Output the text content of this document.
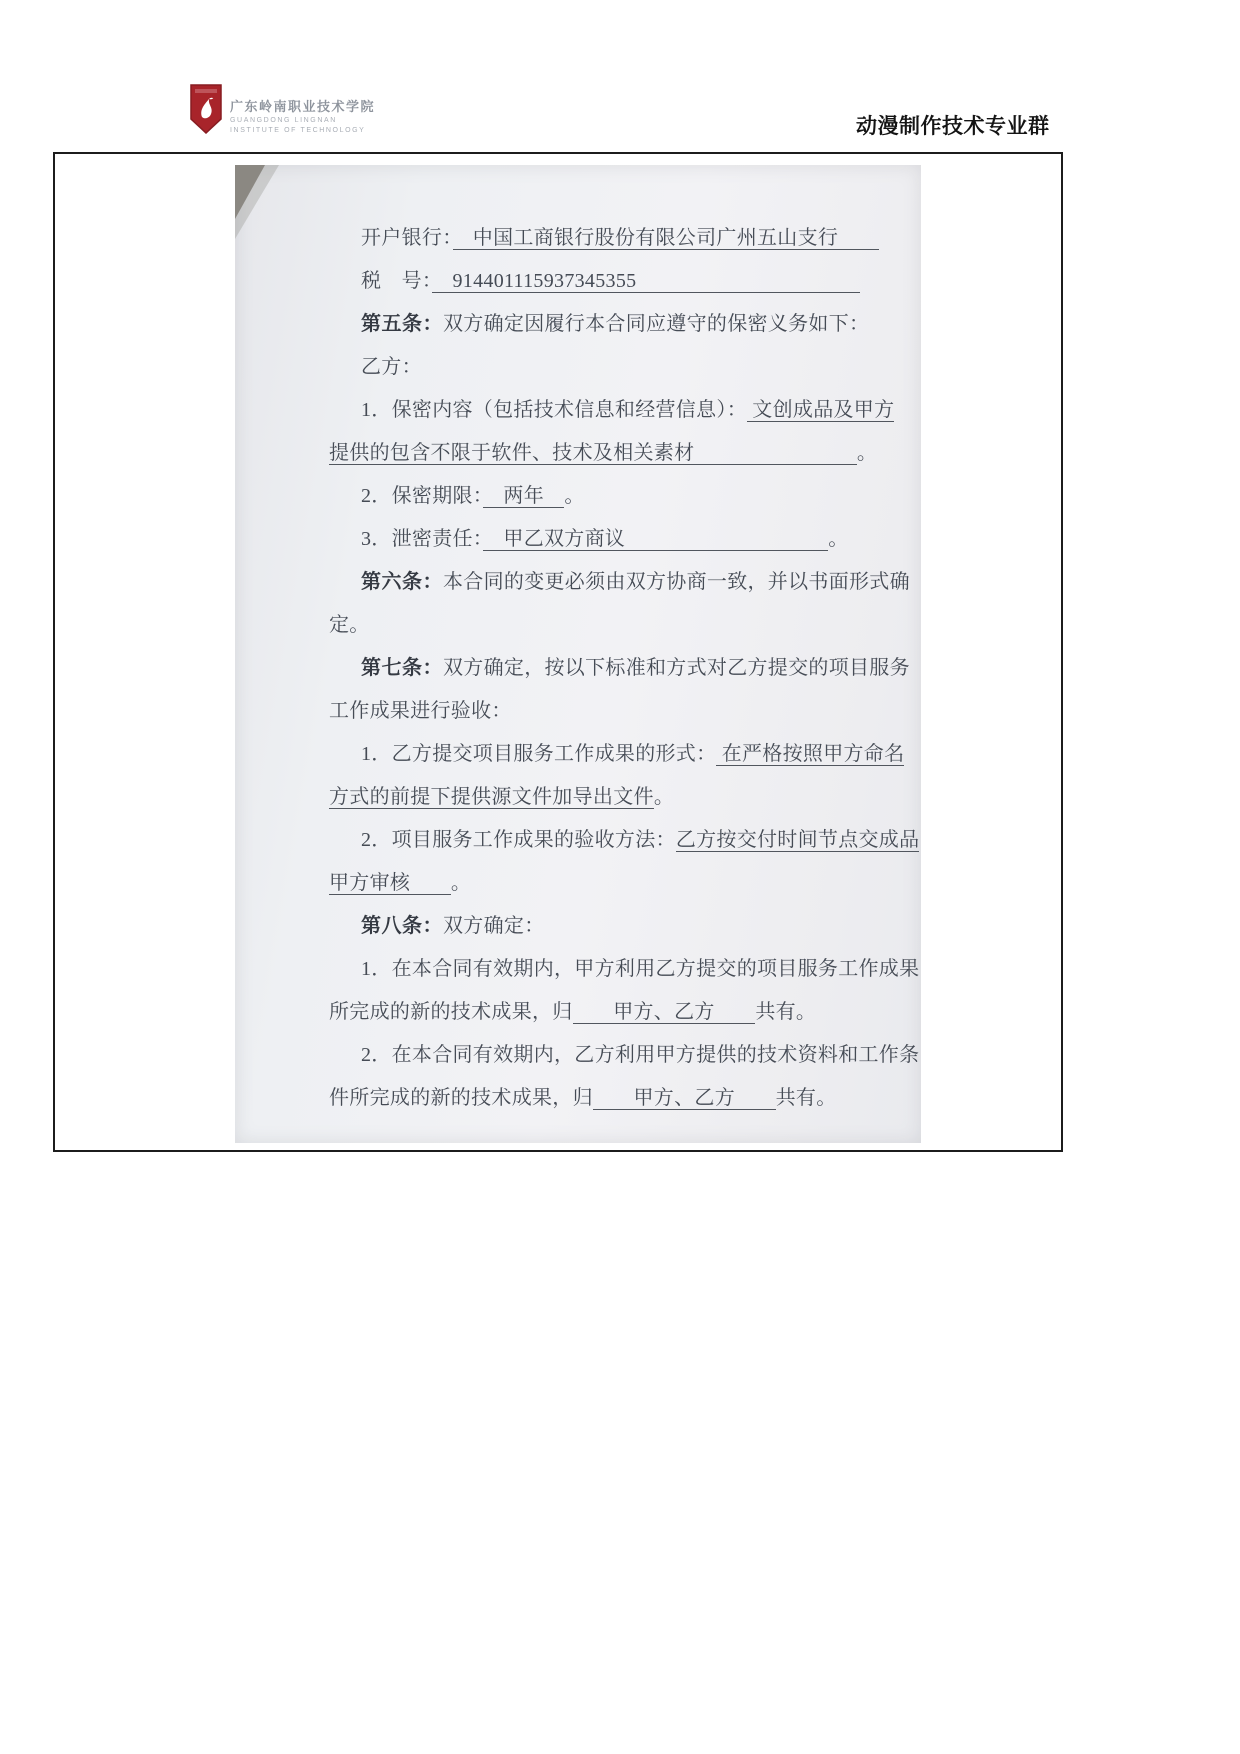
广东岭南职业技术学院
GUANGDONG LINGNAN
INSTITUTE OF TECHNOLOGY	动漫制作技术专业群
开户银行：　中国工商银行股份有限公司广州五山支行　　
税　号：　914401115937345355　　　　　　　　　　　
第五条：双方确定因履行本合同应遵守的保密义务如下：
乙方：
1．保密内容（包括技术信息和经营信息）： 文创成品及甲方
提供的包含不限于软件、技术及相关素材　　　　　　　　。
2．保密期限：　两年　。
3．泄密责任：　甲乙双方商议　　　　　　　　　　。
第六条：本合同的变更必须由双方协商一致，并以书面形式确
定。
第七条：双方确定，按以下标准和方式对乙方提交的项目服务
工作成果进行验收：
1．乙方提交项目服务工作成果的形式： 在严格按照甲方命名
方式的前提下提供源文件加导出文件。
2．项目服务工作成果的验收方法：乙方按交付时间节点交成品
甲方审核　　。
第八条：双方确定：
1．在本合同有效期内，甲方利用乙方提交的项目服务工作成果
所完成的新的技术成果，归　　甲方、乙方　　共有。
2．在本合同有效期内，乙方利用甲方提供的技术资料和工作条
件所完成的新的技术成果，归　　甲方、乙方　　共有。
